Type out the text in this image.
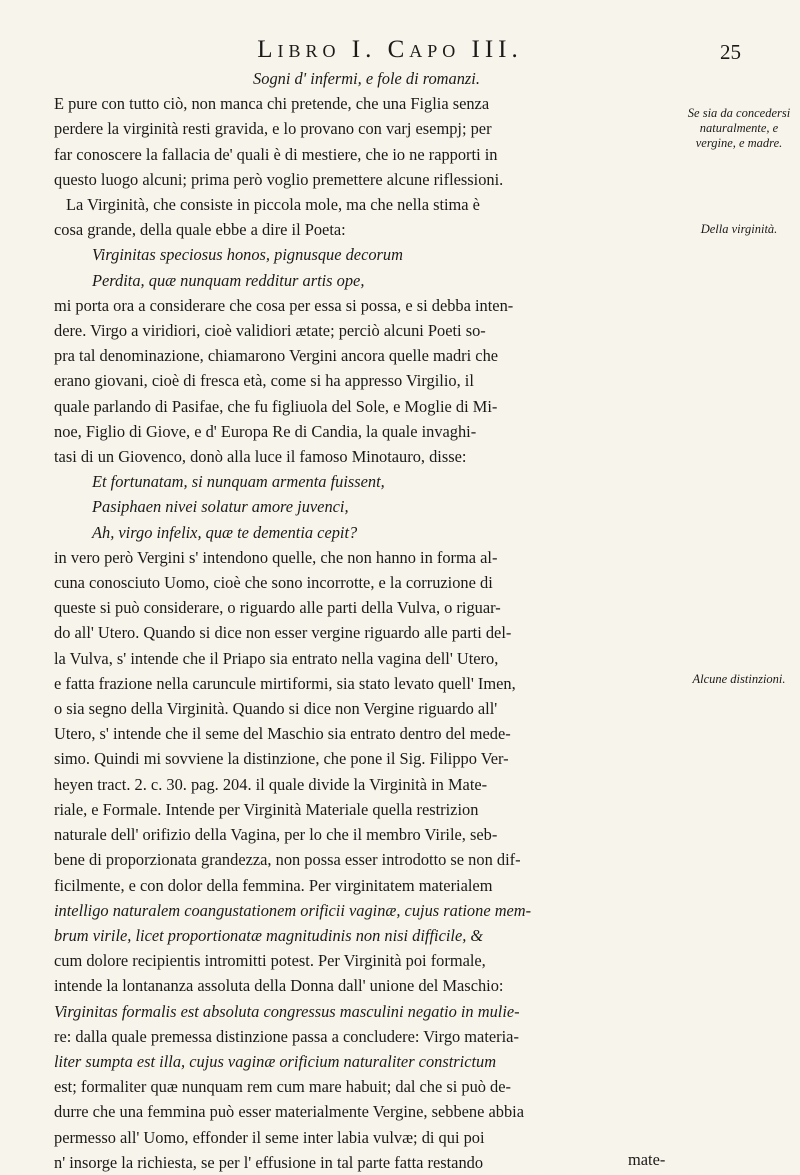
Libro I. Capo III.	25
Sogni d' infermi, e fole di romanzi.
E pure con tutto ciò, non manca chi pretende, che una Figlia senza
perdere la virginità resti gravida, e lo provano con varj esempj; per
far conoscere la fallacia de' quali è di mestiere, che io ne rapporti in
questo luogo alcuni; prima però voglio premettere alcune riflessioni.
La Virginità, che consiste in piccola mole, ma che nella stima è
cosa grande, della quale ebbe a dire il Poeta:
Virginitas speciosus honos, pignusque decorum
Perdita, quæ nunquam redditur artis ope,
mi porta ora a considerare che cosa per essa si possa, e si debba inten-
dere. Virgo a viridiori, cioè validiori ætate; perciò alcuni Poeti so-
pra tal denominazione, chiamarono Vergini ancora quelle madri che
erano giovani, cioè di fresca età, come si ha appresso Virgilio, il
quale parlando di Pasifae, che fu figliuola del Sole, e Moglie di Mi-
noe, Figlio di Giove, e d' Europa Re di Candia, la quale invaghi-
tasi di un Giovenco, donò alla luce il famoso Minotauro, disse:
Et fortunatam, si nunquam armenta fuissent,
Pasiphaen nivei solatur amore juvenci,
Ah, virgo infelix, quæ te dementia cepit?
in vero però Vergini s' intendono quelle, che non hanno in forma al-
cuna conosciuto Uomo, cioè che sono incorrotte, e la corruzione di
queste si può considerare, o riguardo alle parti della Vulva, o riguar-
do all' Utero. Quando si dice non esser vergine riguardo alle parti del-
la Vulva, s' intende che il Priapo sia entrato nella vagina dell' Utero,
e fatta frazione nella caruncule mirtiformi, sia stato levato quell' Imen,
o sia segno della Virginità. Quando si dice non Vergine riguardo all'
Utero, s' intende che il seme del Maschio sia entrato dentro del mede-
simo. Quindi mi sovviene la distinzione, che pone il Sig. Filippo Ver-
heyen tract. 2. c. 30. pag. 204. il quale divide la Virginità in Mate-
riale, e Formale. Intende per Virginità Materiale quella restrizion
naturale dell' orifizio della Vagina, per lo che il membro Virile, seb-
bene di proporzionata grandezza, non possa esser introdotto se non dif-
ficilmente, e con dolor della femmina. Per virginitatem materialem
intelligo naturalem coangustationem orificii vaginæ, cujus ratione mem-
brum virile, licet proportionatæ magnitudinis non nisi difficile, &
cum dolore recipientis intromitti potest. Per Virginità poi formale,
intende la lontananza assoluta della Donna dall' unione del Maschio:
Virginitas formalis est absoluta congressus masculini negatio in mulie-
re: dalla quale premessa distinzione passa a concludere: Virgo materia-
liter sumpta est illa, cujus vaginæ orificium naturaliter constrictum
est; formaliter quæ nunquam rem cum mare habuit; dal che si può de-
durre che una femmina può esser materialmente Vergine, sebbene abbia
permesso all' Uomo, effonder il seme inter labia vulvæ; di qui poi
n' insorge la richiesta, se per l' effusione in tal parte fatta restando	mate-
Se sia da concedersi naturalmente, e vergine, e madre.
Della virginità.
Alcune distinzioni.
